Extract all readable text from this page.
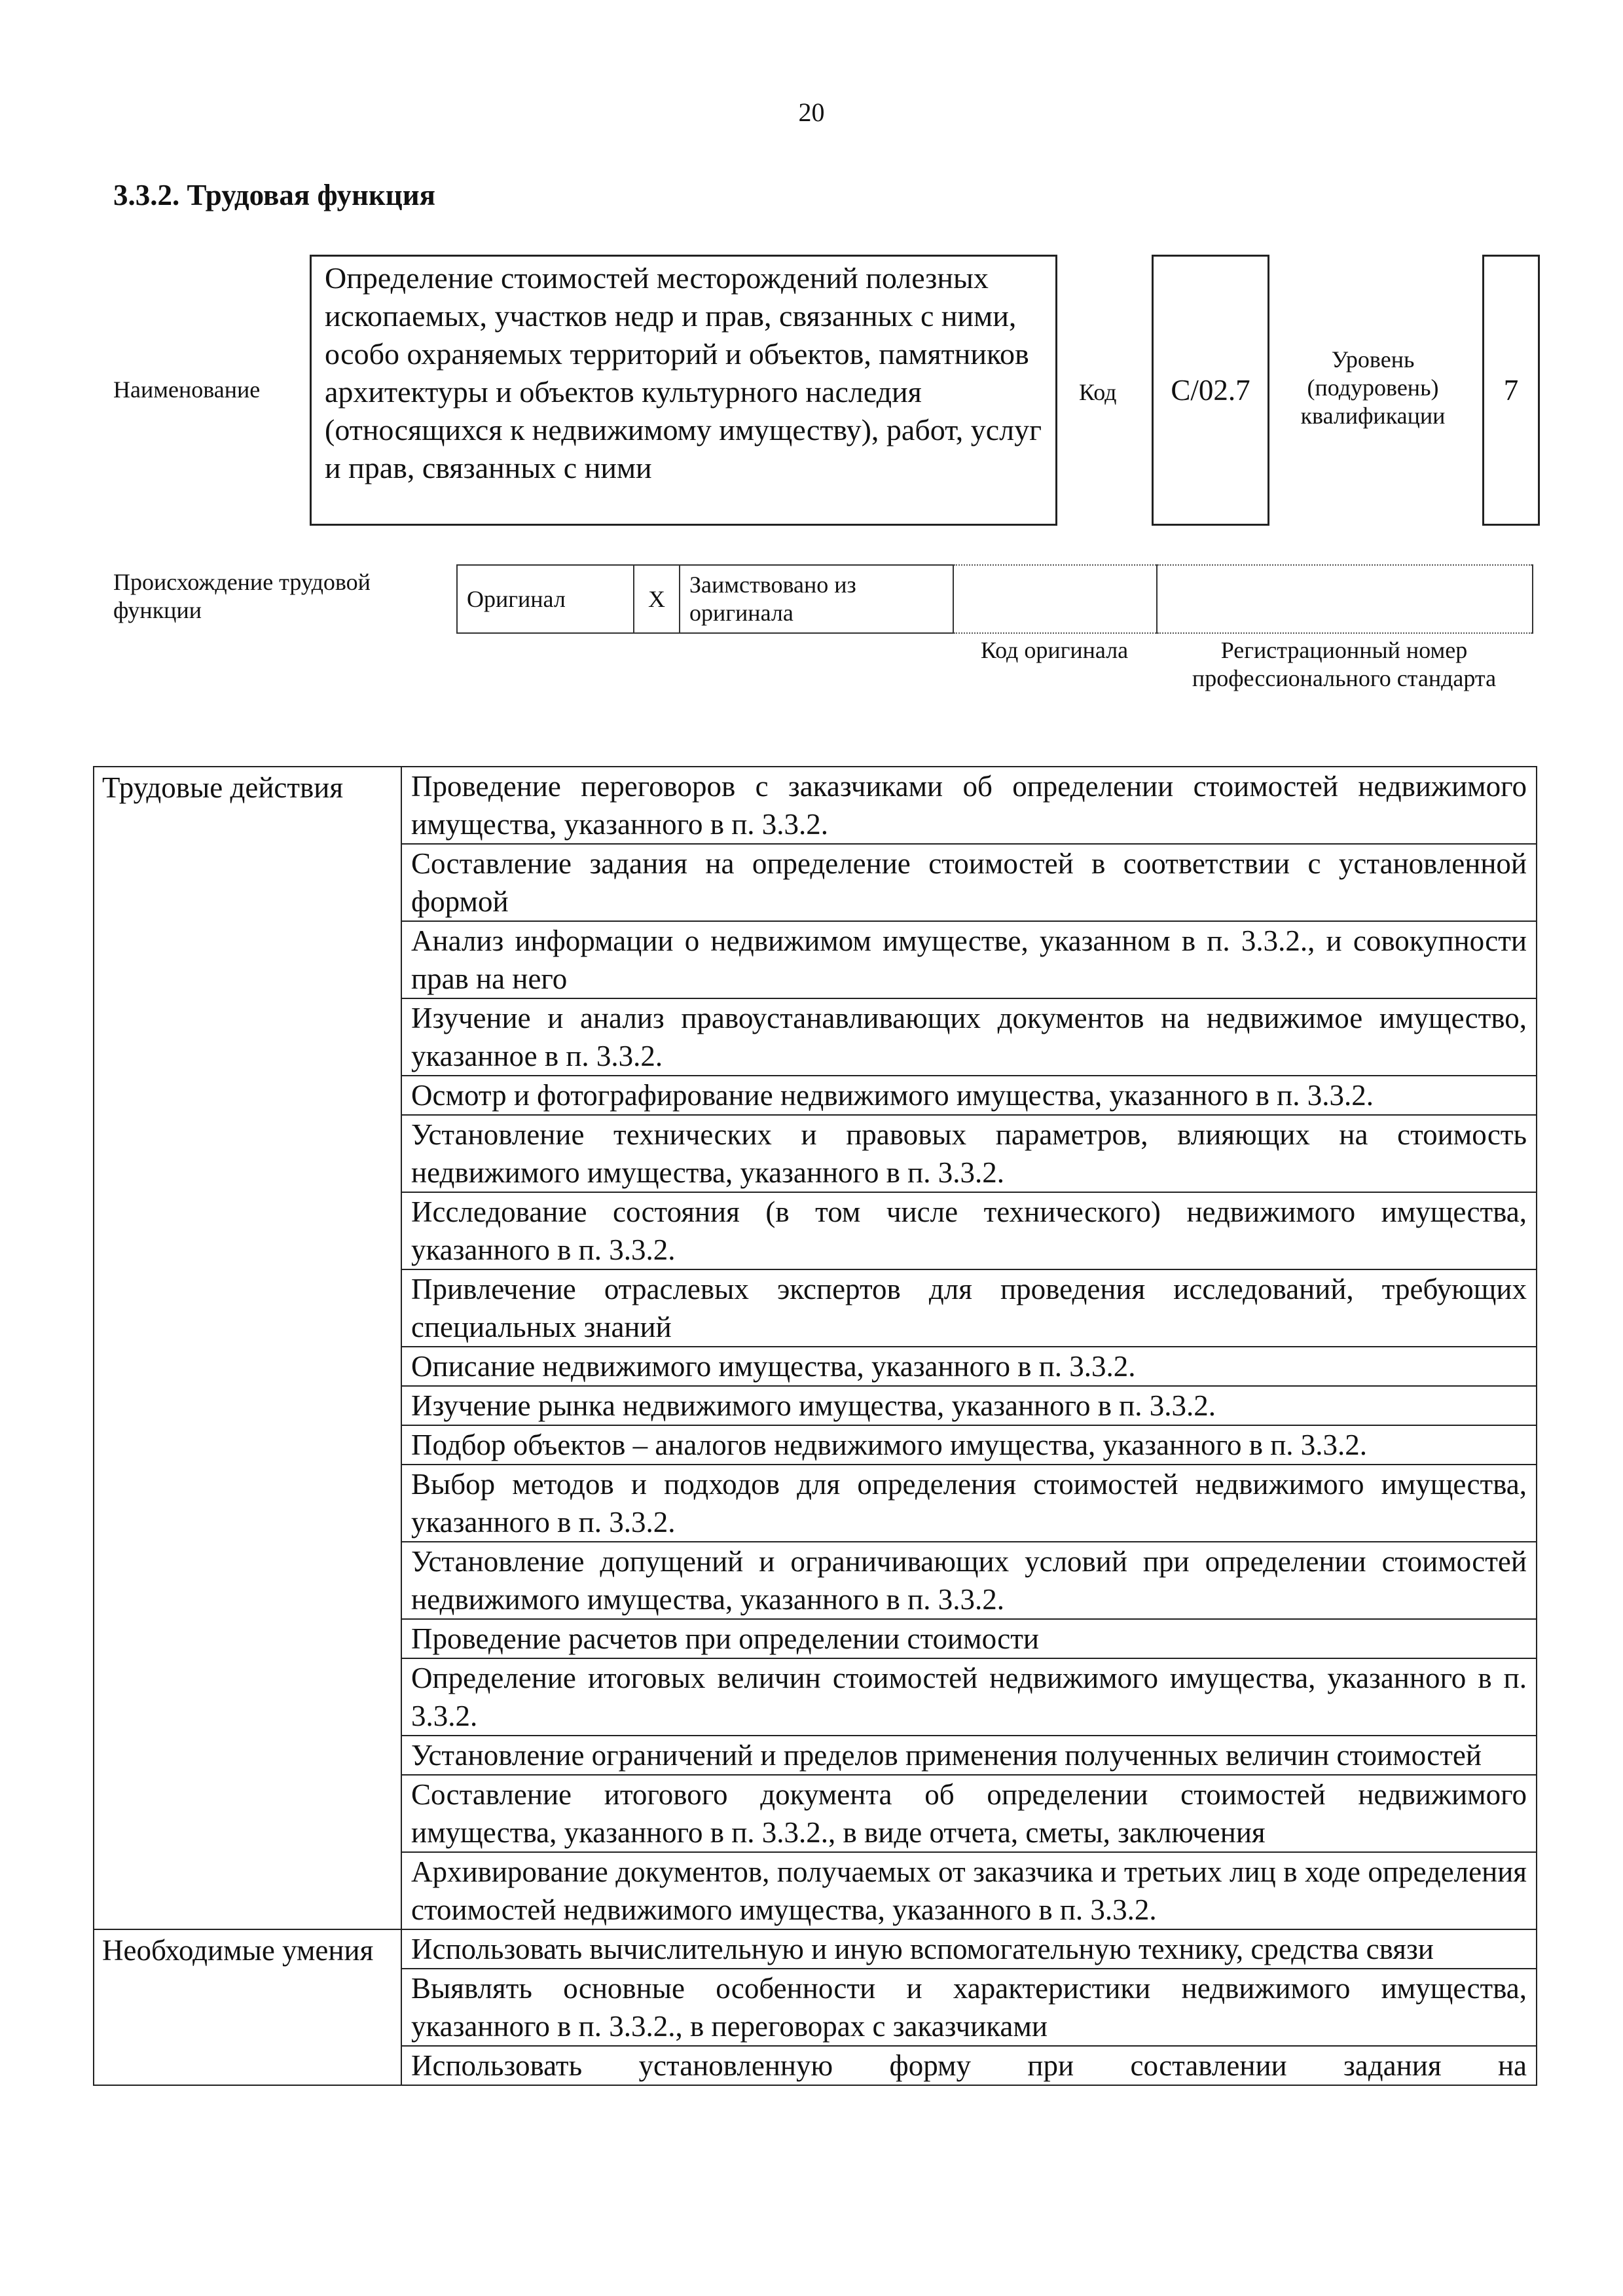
20
3.3.2. Трудовая функция
Наименование
Определение стоимостей месторождений полезных ископаемых, участков недр и прав, связанных с ними, особо охраняемых территорий и объектов, памятников архитектуры и объектов культурного наследия (относящихся к недвижимому имуществу), работ, услуг и прав, связанных с ними
Код С/02.7
Уровень (подуровень) квалификации
7
Происхождение трудовой функции	Оригинал	X	Заимствовано из оригинала		
Код оригинала	Регистрационный номер профессионального стандарта
Трудовые действия	Проведение переговоров с заказчиками об определении стоимостей недвижимого имущества, указанного в п. 3.3.2.
	Составление задания на определение стоимостей в соответствии с установленной формой
	Анализ информации о недвижимом имуществе, указанном в п. 3.3.2., и совокупности прав на него
	Изучение и анализ правоустанавливающих документов на недвижимое имущество, указанное в п. 3.3.2.
	Осмотр и фотографирование недвижимого имущества, указанного в п. 3.3.2.
	Установление технических и правовых параметров, влияющих на стоимость недвижимого имущества, указанного в п. 3.3.2.
	Исследование состояния (в том числе технического) недвижимого имущества, указанного в п. 3.3.2.
	Привлечение отраслевых экспертов для проведения исследований, требующих специальных знаний
	Описание недвижимого имущества, указанного в п. 3.3.2.
	Изучение рынка недвижимого имущества, указанного в п. 3.3.2.
	Подбор объектов – аналогов недвижимого имущества, указанного в п. 3.3.2.
	Выбор методов и подходов для определения стоимостей недвижимого имущества, указанного в п. 3.3.2.
	Установление допущений и ограничивающих условий при определении стоимостей недвижимого имущества, указанного в п. 3.3.2.
	Проведение расчетов при определении стоимости
	Определение итоговых величин стоимостей недвижимого имущества, указанного в п. 3.3.2.
	Установление ограничений и пределов применения полученных величин стоимостей
	Составление итогового документа об определении стоимостей недвижимого имущества, указанного в п. 3.3.2., в виде отчета, сметы, заключения
	Архивирование документов, получаемых от заказчика и третьих лиц в ходе определения стоимостей недвижимого имущества, указанного в п. 3.3.2.
Необходимые умения	Использовать вычислительную и иную вспомогательную технику, средства связи
	Выявлять основные особенности и характеристики недвижимого имущества, указанного в п. 3.3.2., в переговорах с заказчиками
	Использовать установленную форму при составлении задания на
